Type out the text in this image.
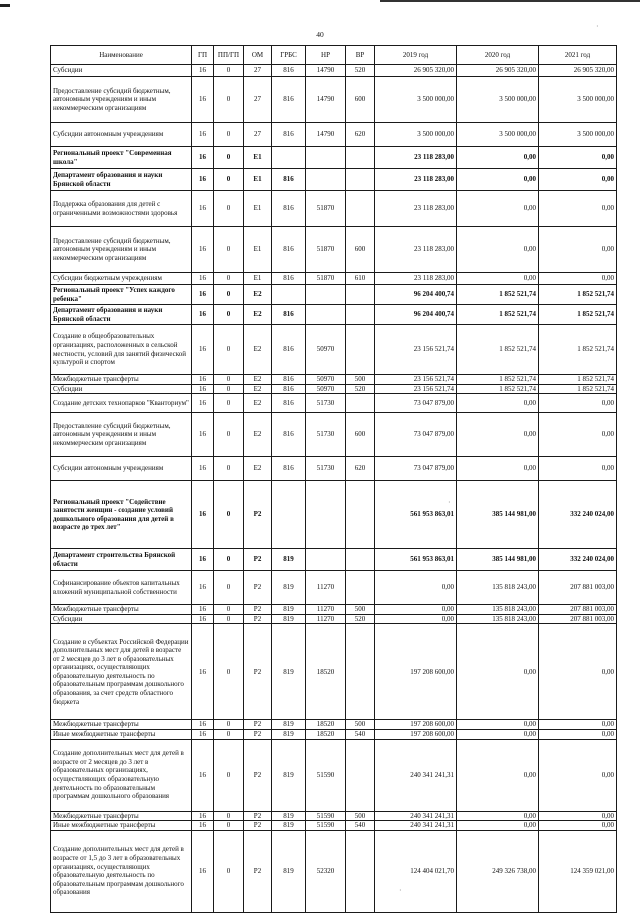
40
·
·
·
Наименование	ГП	ПП/ГП	ОМ	ГРБС	НР	ВР	2019 год	2020 год	2021 год
Субсидии	16	0	27	816	14790	520	26 905 320,00	26 905 320,00	26 905 320,00
Предоставление субсидий бюджетным, автономным учреждениям и иным некоммерческим организациям	16	0	27	816	14790	600	3 500 000,00	3 500 000,00	3 500 000,00
Субсидии автономным учреждениям	16	0	27	816	14790	620	3 500 000,00	3 500 000,00	3 500 000,00
Региональный проект "Современная школа"	16	0	E1				23 118 283,00	0,00	0,00
Департамент образования и науки Брянской области	16	0	E1	816			23 118 283,00	0,00	0,00
Поддержка образования для детей с ограниченными возможностями здоровья	16	0	E1	816	51870		23 118 283,00	0,00	0,00
Предоставление субсидий бюджетным, автономным учреждениям и иным некоммерческим организациям	16	0	E1	816	51870	600	23 118 283,00	0,00	0,00
Субсидии бюджетным учреждениям	16	0	E1	816	51870	610	23 118 283,00	0,00	0,00
Региональный проект "Успех каждого ребенка"	16	0	E2				96 204 400,74	1 852 521,74	1 852 521,74
Департамент образования и науки Брянской области	16	0	E2	816			96 204 400,74	1 852 521,74	1 852 521,74
Создание в общеобразовательных организациях, расположенных в сельской местности, условий для занятий физической культурой и спортом	16	0	E2	816	50970		23 156 521,74	1 852 521,74	1 852 521,74
Межбюджетные трансферты	16	0	E2	816	50970	500	23 156 521,74	1 852 521,74	1 852 521,74
Субсидии	16	0	E2	816	50970	520	23 156 521,74	1 852 521,74	1 852 521,74
Создание детских технопарков "Кванториум"	16	0	E2	816	51730		73 047 879,00	0,00	0,00
Предоставление субсидий бюджетным, автономным учреждениям и иным некоммерческим организациям	16	0	E2	816	51730	600	73 047 879,00	0,00	0,00
Субсидии автономным учреждениям	16	0	E2	816	51730	620	73 047 879,00	0,00	0,00
Региональный проект "Содействие занятости женщин - создание условий дошкольного образования для детей в возрасте до трех лет"	16	0	P2				561 953 863,01	385 144 981,00	332 240 024,00
Департамент строительства Брянской области	16	0	P2	819			561 953 863,01	385 144 981,00	332 240 024,00
Софинансирование объектов капитальных вложений муниципальной собственности	16	0	P2	819	11270		0,00	135 818 243,00	207 881 003,00
Межбюджетные трансферты	16	0	P2	819	11270	500	0,00	135 818 243,00	207 881 003,00
Субсидии	16	0	P2	819	11270	520	0,00	135 818 243,00	207 881 003,00
Создание в субъектах Российской Федерации дополнительных мест для детей в возрасте от 2 месяцев до 3 лет в образовательных организациях, осуществляющих образовательную деятельность по образовательным программам дошкольного образования, за счет средств областного бюджета	16	0	P2	819	18520		197 208 600,00	0,00	0,00
Межбюджетные трансферты	16	0	P2	819	18520	500	197 208 600,00	0,00	0,00
Иные межбюджетные трансферты	16	0	P2	819	18520	540	197 208 600,00	0,00	0,00
Создание дополнительных мест для детей в возрасте от 2 месяцев до 3 лет в образовательных организациях, осуществляющих образовательную деятельность по образовательным программам дошкольного образования	16	0	P2	819	51590		240 341 241,31	0,00	0,00
Межбюджетные трансферты	16	0	P2	819	51590	500	240 341 241,31	0,00	0,00
Иные межбюджетные трансферты	16	0	P2	819	51590	540	240 341 241,31	0,00	0,00
Создание дополнительных мест для детей в возрасте от 1,5 до 3 лет в образовательных организациях, осуществляющих образовательную деятельность по образовательным программам дошкольного образования	16	0	P2	819	52320		124 404 021,70	249 326 738,00	124 359 021,00
